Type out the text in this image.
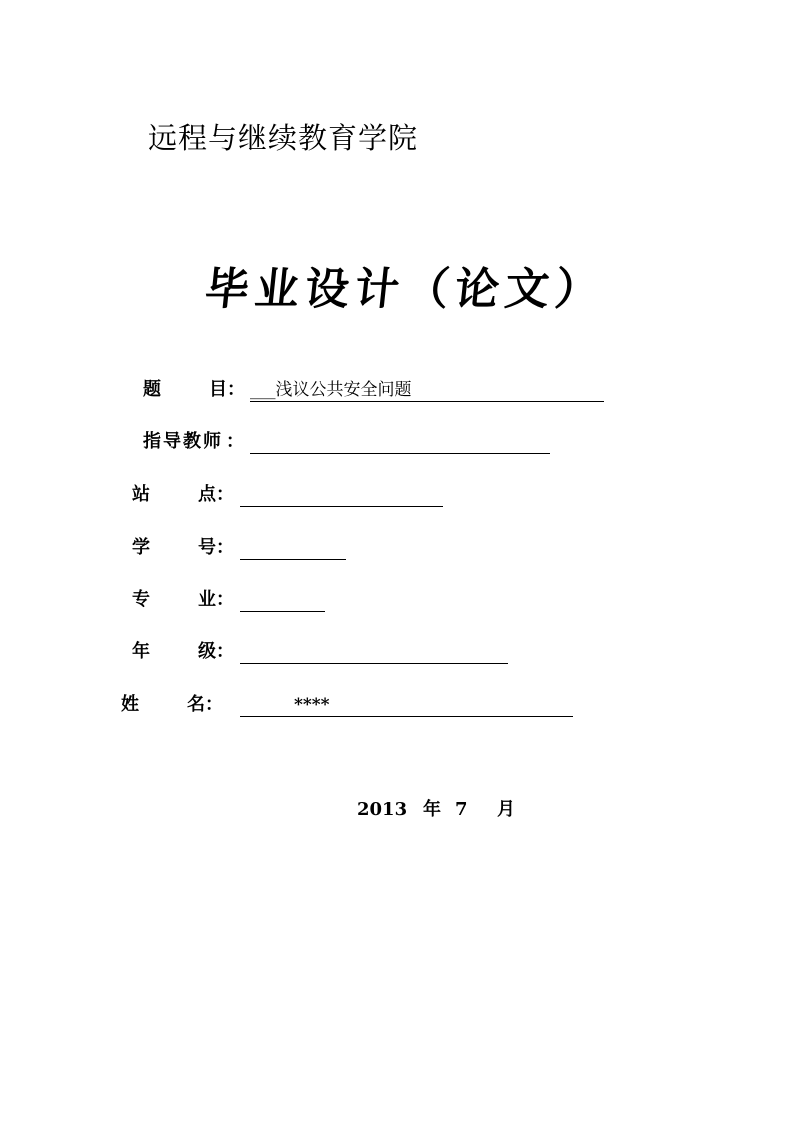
远程与继续教育学院
毕业设计（论文）
题	目 ： ___浅议公共安全问题
指导教师 ：
站	点 ：
学	号 ：
专	业 ：
年	级 ：
姓	名 ：	****
2013 年 7 月
